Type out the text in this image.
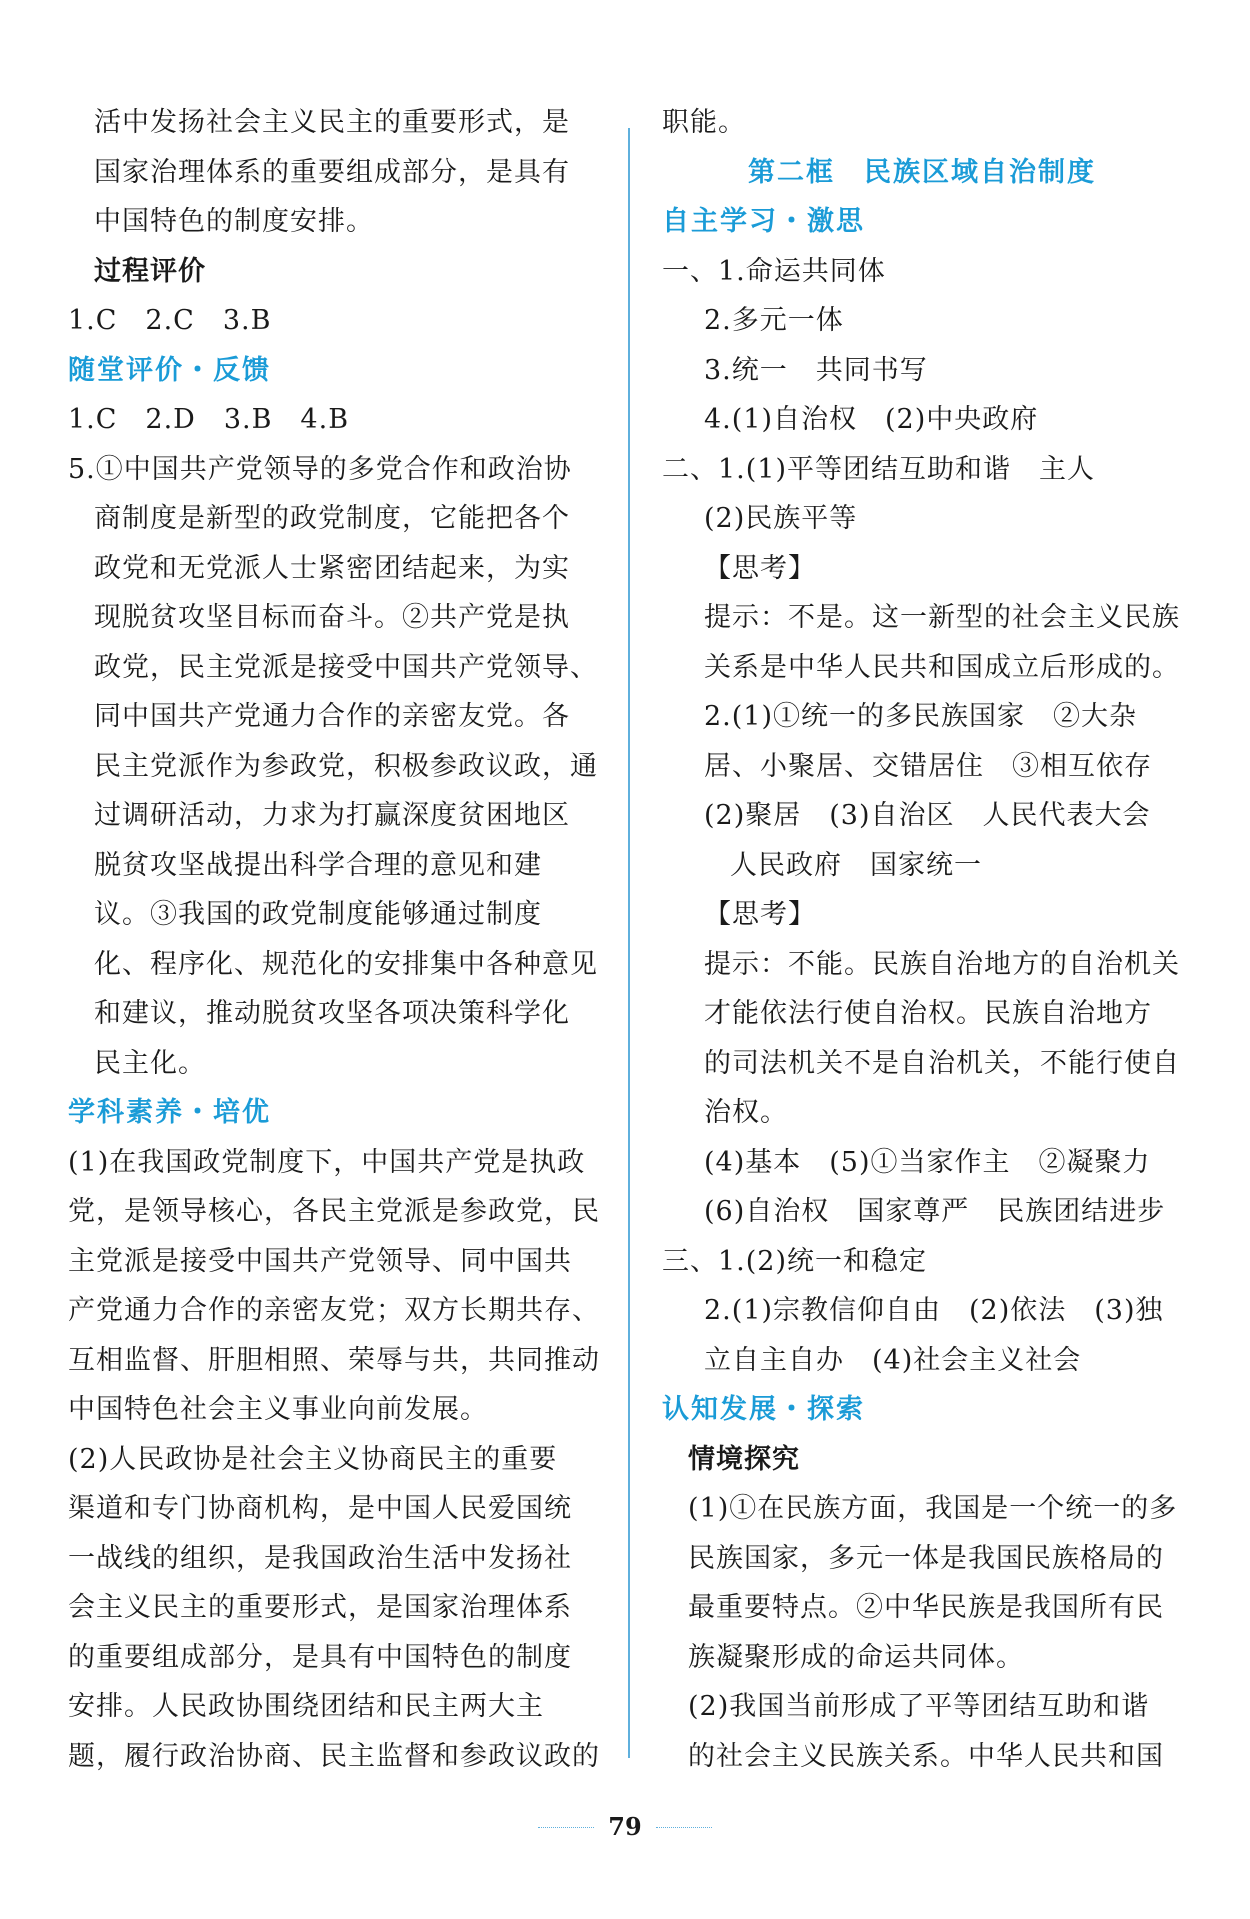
活中发扬社会主义民主的重要形式，是
国家治理体系的重要组成部分，是具有
中国特色的制度安排。
过程评价
1.C　2.C　3.B
随堂评价・反馈
1.C　2.D　3.B　4.B
5.①中国共产党领导的多党合作和政治协
商制度是新型的政党制度，它能把各个
政党和无党派人士紧密团结起来，为实
现脱贫攻坚目标而奋斗。②共产党是执
政党，民主党派是接受中国共产党领导、
同中国共产党通力合作的亲密友党。各
民主党派作为参政党，积极参政议政，通
过调研活动，力求为打赢深度贫困地区
脱贫攻坚战提出科学合理的意见和建
议。③我国的政党制度能够通过制度
化、程序化、规范化的安排集中各种意见
和建议，推动脱贫攻坚各项决策科学化
民主化。
学科素养・培优
(1)在我国政党制度下，中国共产党是执政
党，是领导核心，各民主党派是参政党，民
主党派是接受中国共产党领导、同中国共
产党通力合作的亲密友党；双方长期共存、
互相监督、肝胆相照、荣辱与共，共同推动
中国特色社会主义事业向前发展。
(2)人民政协是社会主义协商民主的重要
渠道和专门协商机构，是中国人民爱国统
一战线的组织，是我国政治生活中发扬社
会主义民主的重要形式，是国家治理体系
的重要组成部分，是具有中国特色的制度
安排。人民政协围绕团结和民主两大主
题，履行政治协商、民主监督和参政议政的
职能。
第二框　民族区域自治制度
自主学习・激思
一、1.命运共同体
2.多元一体
3.统一　共同书写
4.(1)自治权　(2)中央政府
二、1.(1)平等团结互助和谐　主人
(2)民族平等
【思考】
提示：不是。这一新型的社会主义民族
关系是中华人民共和国成立后形成的。
2.(1)①统一的多民族国家　②大杂
居、小聚居、交错居住　③相互依存
(2)聚居　(3)自治区　人民代表大会
人民政府　国家统一
【思考】
提示：不能。民族自治地方的自治机关
才能依法行使自治权。民族自治地方
的司法机关不是自治机关，不能行使自
治权。
(4)基本　(5)①当家作主　②凝聚力
(6)自治权　国家尊严　民族团结进步
三、1.(2)统一和稳定
2.(1)宗教信仰自由　(2)依法　(3)独
立自主自办　(4)社会主义社会
认知发展・探索
情境探究
(1)①在民族方面，我国是一个统一的多
民族国家，多元一体是我国民族格局的
最重要特点。②中华民族是我国所有民
族凝聚形成的命运共同体。
(2)我国当前形成了平等团结互助和谐
的社会主义民族关系。中华人民共和国
79
